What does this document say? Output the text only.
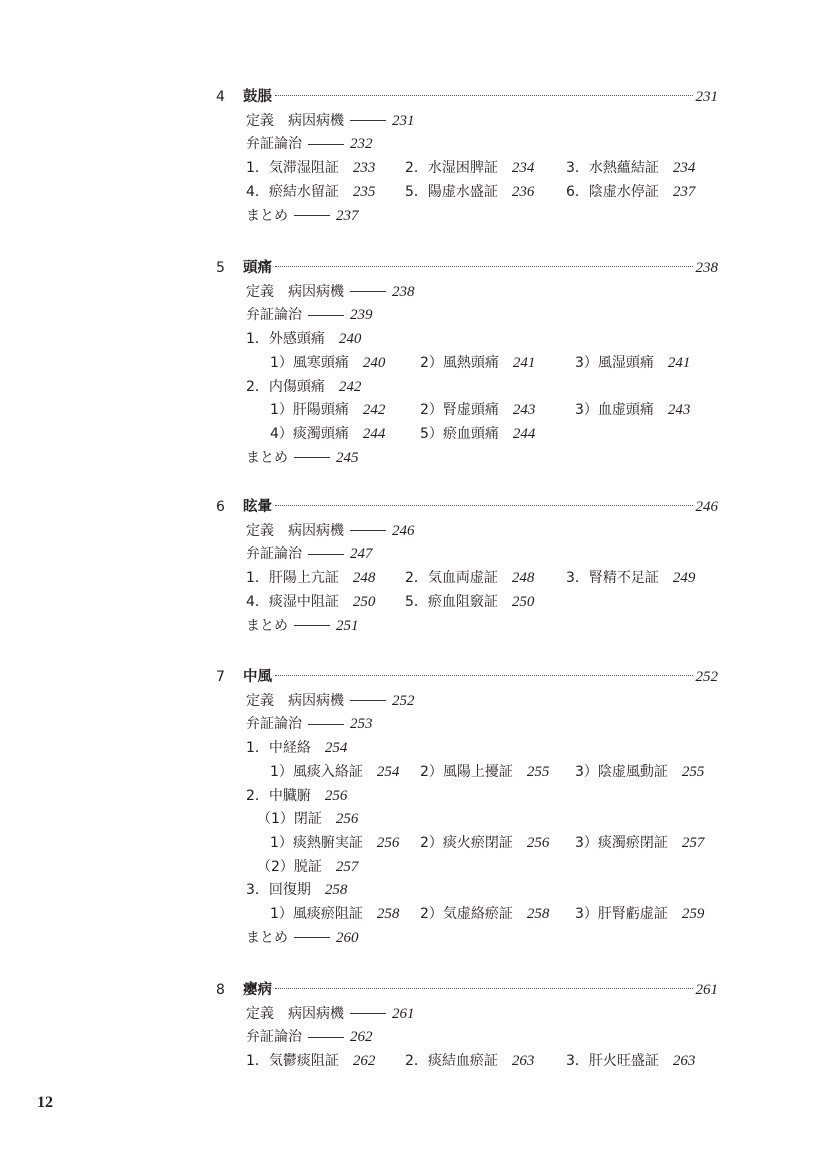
4	鼓脹	231
定義　病因病機	231
弁証論治	232
1．気滞湿阻証 233 2．水湿困脾証 234 3．水熱蘊結証 234
4．瘀結水留証 235 5．陽虚水盛証 236 6．陰虚水停証 237
まとめ	237
5	頭痛	238
定義　病因病機	238
弁証論治	239
1．外感頭痛 240
1）風寒頭痛 240 2）風熱頭痛 241	3）風湿頭痛 241
2．内傷頭痛 242
1）肝陽頭痛 242 2）腎虚頭痛 243	3）血虚頭痛 243
4）痰濁頭痛 244 5）瘀血頭痛 244
まとめ	245
6	眩暈	246
定義　病因病機	246
弁証論治	247
1．肝陽上亢証 248 2．気血両虚証 248 3．腎精不足証 249
4．痰湿中阻証 250 5．瘀血阻竅証 250
まとめ	251
7	中風	252
定義　病因病機	252
弁証論治	253
1．中経絡 254
1）風痰入絡証 254 2）風陽上擾証 255 3）陰虚風動証 255
2．中臓腑 256
（1）閉証 256
1）痰熱腑実証 256 2）痰火瘀閉証 256 3）痰濁瘀閉証 257
（2）脱証 257
3．回復期 258
1）風痰瘀阻証 258 2）気虚絡瘀証 258 3）肝腎虧虚証 259
まとめ	260
8	癭病	261
定義　病因病機	261
弁証論治	262
1．気鬱痰阻証 262 2．痰結血瘀証 263 3．肝火旺盛証 263
12
